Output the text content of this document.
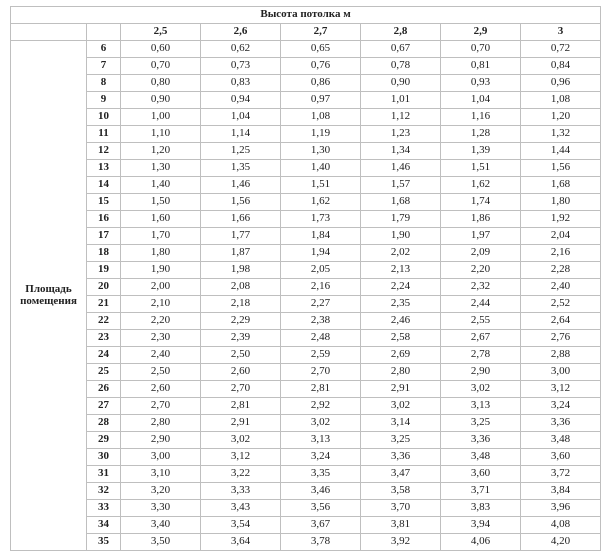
Высота потолка м							
		2,5	2,6	2,7	2,8	2,9	3

Площадь
помещения	6	0,60	0,62	0,65	0,67	0,70	0,72
	7	0,70	0,73	0,76	0,78	0,81	0,84
	8	0,80	0,83	0,86	0,90	0,93	0,96
	9	0,90	0,94	0,97	1,01	1,04	1,08
	10	1,00	1,04	1,08	1,12	1,16	1,20
	11	1,10	1,14	1,19	1,23	1,28	1,32
	12	1,20	1,25	1,30	1,34	1,39	1,44
	13	1,30	1,35	1,40	1,46	1,51	1,56
	14	1,40	1,46	1,51	1,57	1,62	1,68
	15	1,50	1,56	1,62	1,68	1,74	1,80
	16	1,60	1,66	1,73	1,79	1,86	1,92
	17	1,70	1,77	1,84	1,90	1,97	2,04
	18	1,80	1,87	1,94	2,02	2,09	2,16
	19	1,90	1,98	2,05	2,13	2,20	2,28
	20	2,00	2,08	2,16	2,24	2,32	2,40
	21	2,10	2,18	2,27	2,35	2,44	2,52
	22	2,20	2,29	2,38	2,46	2,55	2,64
	23	2,30	2,39	2,48	2,58	2,67	2,76
	24	2,40	2,50	2,59	2,69	2,78	2,88
	25	2,50	2,60	2,70	2,80	2,90	3,00
	26	2,60	2,70	2,81	2,91	3,02	3,12
	27	2,70	2,81	2,92	3,02	3,13	3,24
	28	2,80	2,91	3,02	3,14	3,25	3,36
	29	2,90	3,02	3,13	3,25	3,36	3,48
	30	3,00	3,12	3,24	3,36	3,48	3,60
	31	3,10	3,22	3,35	3,47	3,60	3,72
	32	3,20	3,33	3,46	3,58	3,71	3,84
	33	3,30	3,43	3,56	3,70	3,83	3,96
	34	3,40	3,54	3,67	3,81	3,94	4,08
	35	3,50	3,64	3,78	3,92	4,06	4,20
